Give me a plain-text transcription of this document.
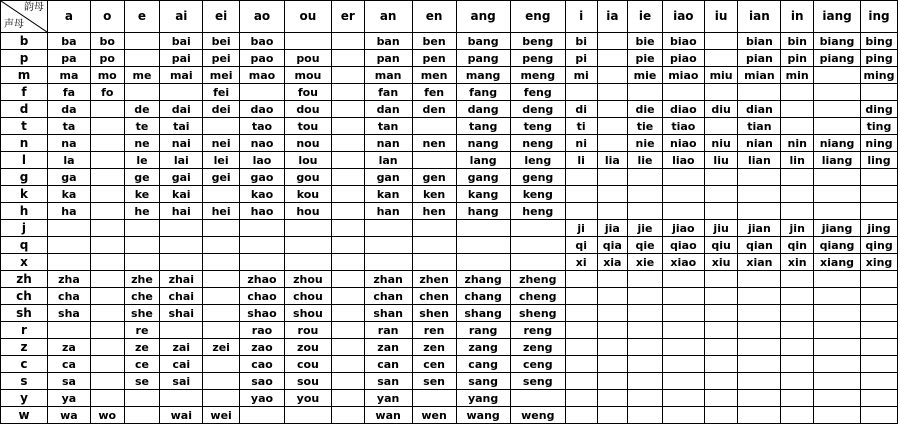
韵母
声母	a	o	e	ai	ei	ao	ou	er	an	en	ang	eng	i	ia	ie	iao	iu	ian	in	iang	ing
b	ba	bo		bai	bei	bao			ban	ben	bang	beng	bi		bie	biao		bian	bin	biang	bing
p	pa	po		pai	pei	pao	pou		pan	pen	pang	peng	pi		pie	piao		pian	pin	piang	ping
m	ma	mo	me	mai	mei	mao	mou		man	men	mang	meng	mi		mie	miao	miu	mian	min		ming
f	fa	fo			fei		fou		fan	fen	fang	feng									
d	da		de	dai	dei	dao	dou		dan	den	dang	deng	di		die	diao	diu	dian			ding
t	ta		te	tai		tao	tou		tan		tang	teng	ti		tie	tiao		tian			ting
n	na		ne	nai	nei	nao	nou		nan	nen	nang	neng	ni		nie	niao	niu	nian	nin	niang	ning
l	la		le	lai	lei	lao	lou		lan		lang	leng	li	lia	lie	liao	liu	lian	lin	liang	ling
g	ga		ge	gai	gei	gao	gou		gan	gen	gang	geng									
k	ka		ke	kai		kao	kou		kan	ken	kang	keng									
h	ha		he	hai	hei	hao	hou		han	hen	hang	heng									
j													ji	jia	jie	jiao	jiu	jian	jin	jiang	jing
q													qi	qia	qie	qiao	qiu	qian	qin	qiang	qing
x													xi	xia	xie	xiao	xiu	xian	xin	xiang	xing
zh	zha		zhe	zhai		zhao	zhou		zhan	zhen	zhang	zheng									
ch	cha		che	chai		chao	chou		chan	chen	chang	cheng									
sh	sha		she	shai		shao	shou		shan	shen	shang	sheng									
r			re			rao	rou		ran	ren	rang	reng									
z	za		ze	zai	zei	zao	zou		zan	zen	zang	zeng									
c	ca		ce	cai		cao	cou		can	cen	cang	ceng									
s	sa		se	sai		sao	sou		san	sen	sang	seng									
y	ya					yao	you		yan		yang										
w	wa	wo		wai	wei				wan	wen	wang	weng									
